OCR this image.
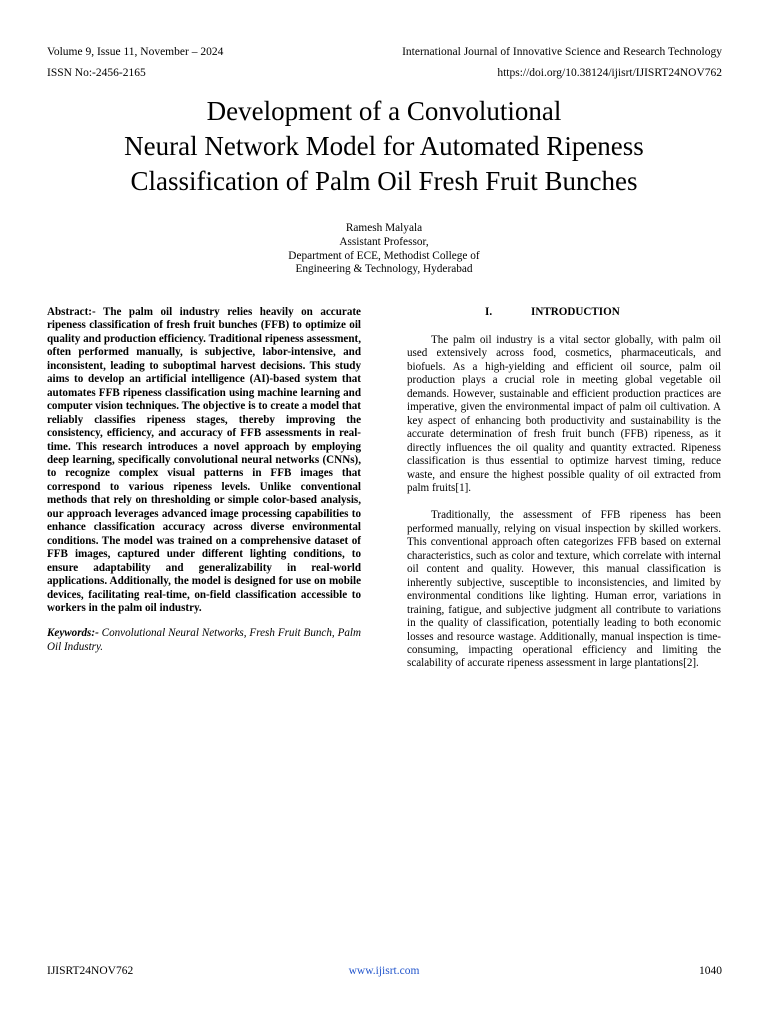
Volume 9, Issue 11, November – 2024	International Journal of Innovative Science and Research Technology
ISSN No:-2456-2165	https://doi.org/10.38124/ijisrt/IJISRT24NOV762
Development of a Convolutional
Neural Network Model for Automated Ripeness
Classification of Palm Oil Fresh Fruit Bunches
Ramesh Malyala
Assistant Professor,
Department of ECE, Methodist College of
Engineering & Technology, Hyderabad

Abstract:- The palm oil industry relies heavily on accurate ripeness classification of fresh fruit bunches (FFB) to optimize oil quality and production efficiency. Traditional ripeness assessment, often performed manually, is subjective, labor-intensive, and inconsistent, leading to suboptimal harvest decisions. This study aims to develop an artificial intelligence (AI)-based system that automates FFB ripeness classification using machine learning and computer vision techniques. The objective is to create a model that reliably classifies ripeness stages, thereby improving the consistency, efficiency, and accuracy of FFB assessments in real-time. This research introduces a novel approach by employing deep learning, specifically convolutional neural networks (CNNs), to recognize complex visual patterns in FFB images that correspond to various ripeness levels. Unlike conventional methods that rely on thresholding or simple color-based analysis, our approach leverages advanced image processing capabilities to enhance classification accuracy across diverse environmental conditions. The model was trained on a comprehensive dataset of FFB images, captured under different lighting conditions, to ensure adaptability and generalizability in real-world applications. Additionally, the model is designed for use on mobile devices, facilitating real-time, on-field classification accessible to workers in the palm oil industry.

Keywords:- Convolutional Neural Networks, Fresh Fruit Bunch, Palm Oil Industry.

I.	INTRODUCTION

The palm oil industry is a vital sector globally, with palm oil used extensively across food, cosmetics, pharmaceuticals, and biofuels. As a high-yielding and efficient oil source, palm oil production plays a crucial role in meeting global vegetable oil demands. However, sustainable and efficient production practices are imperative, given the environmental impact of palm oil cultivation. A key aspect of enhancing both productivity and sustainability is the accurate determination of fresh fruit bunch (FFB) ripeness, as it directly influences the oil quality and quantity extracted. Ripeness classification is thus essential to optimize harvest timing, reduce waste, and ensure the highest possible quality of oil extracted from palm fruits[1].

Traditionally, the assessment of FFB ripeness has been performed manually, relying on visual inspection by skilled workers. This conventional approach often categorizes FFB based on external characteristics, such as color and texture, which correlate with internal oil content and quality. However, this manual classification is inherently subjective, susceptible to inconsistencies, and limited by environmental conditions like lighting. Human error, variations in training, fatigue, and subjective judgment all contribute to variations in the quality of classification, potentially leading to both economic losses and resource wastage. Additionally, manual inspection is time-consuming, impacting operational efficiency and limiting the scalability of accurate ripeness assessment in large plantations[2].

IJISRT24NOV762	www.ijisrt.com	1040
